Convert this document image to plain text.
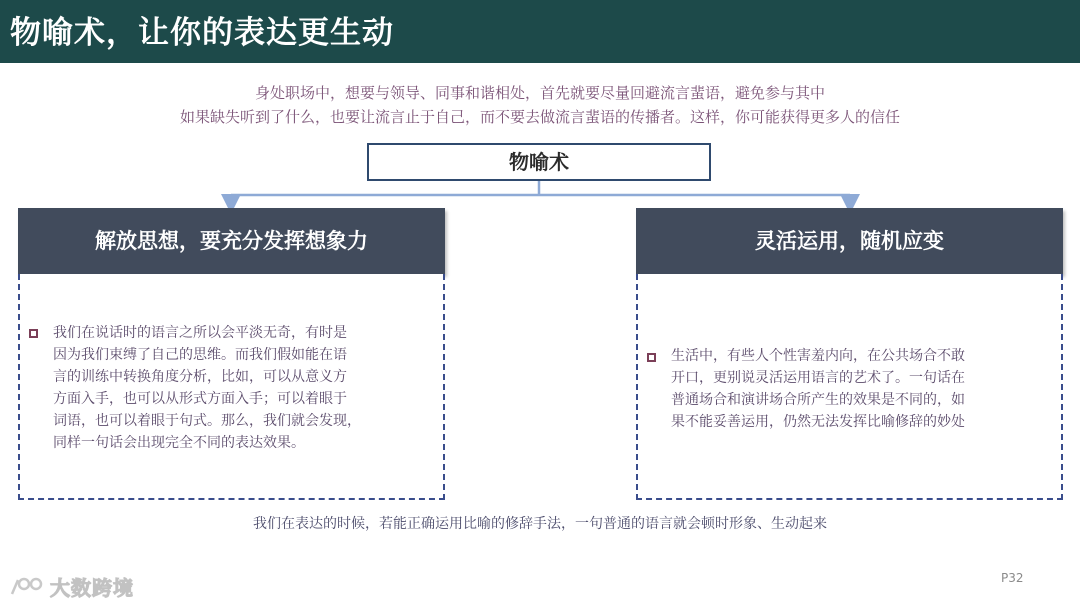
物喻术，让你的表达更生动
身处职场中，想要与领导、同事和谐相处，首先就要尽量回避流言蜚语，避免参与其中
如果缺失听到了什么，也要让流言止于自己，而不要去做流言蜚语的传播者。这样，你可能获得更多人的信任
物喻术
解放思想，要充分发挥想象力
我们在说话时的语言之所以会平淡无奇，有时是
因为我们束缚了自己的思维。而我们假如能在语
言的训练中转换角度分析，比如，可以从意义方
方面入手，也可以从形式方面入手；可以着眼于
词语，也可以着眼于句式。那么，我们就会发现，
同样一句话会出现完全不同的表达效果。
灵活运用，随机应变
生活中，有些人个性害羞内向，在公共场合不敢
开口，更别说灵活运用语言的艺术了。一句话在
普通场合和演讲场合所产生的效果是不同的，如
果不能妥善运用，仍然无法发挥比喻修辞的妙处
我们在表达的时候，若能正确运用比喻的修辞手法，一句普通的语言就会顿时形象、生动起来
大数跨境	P32
